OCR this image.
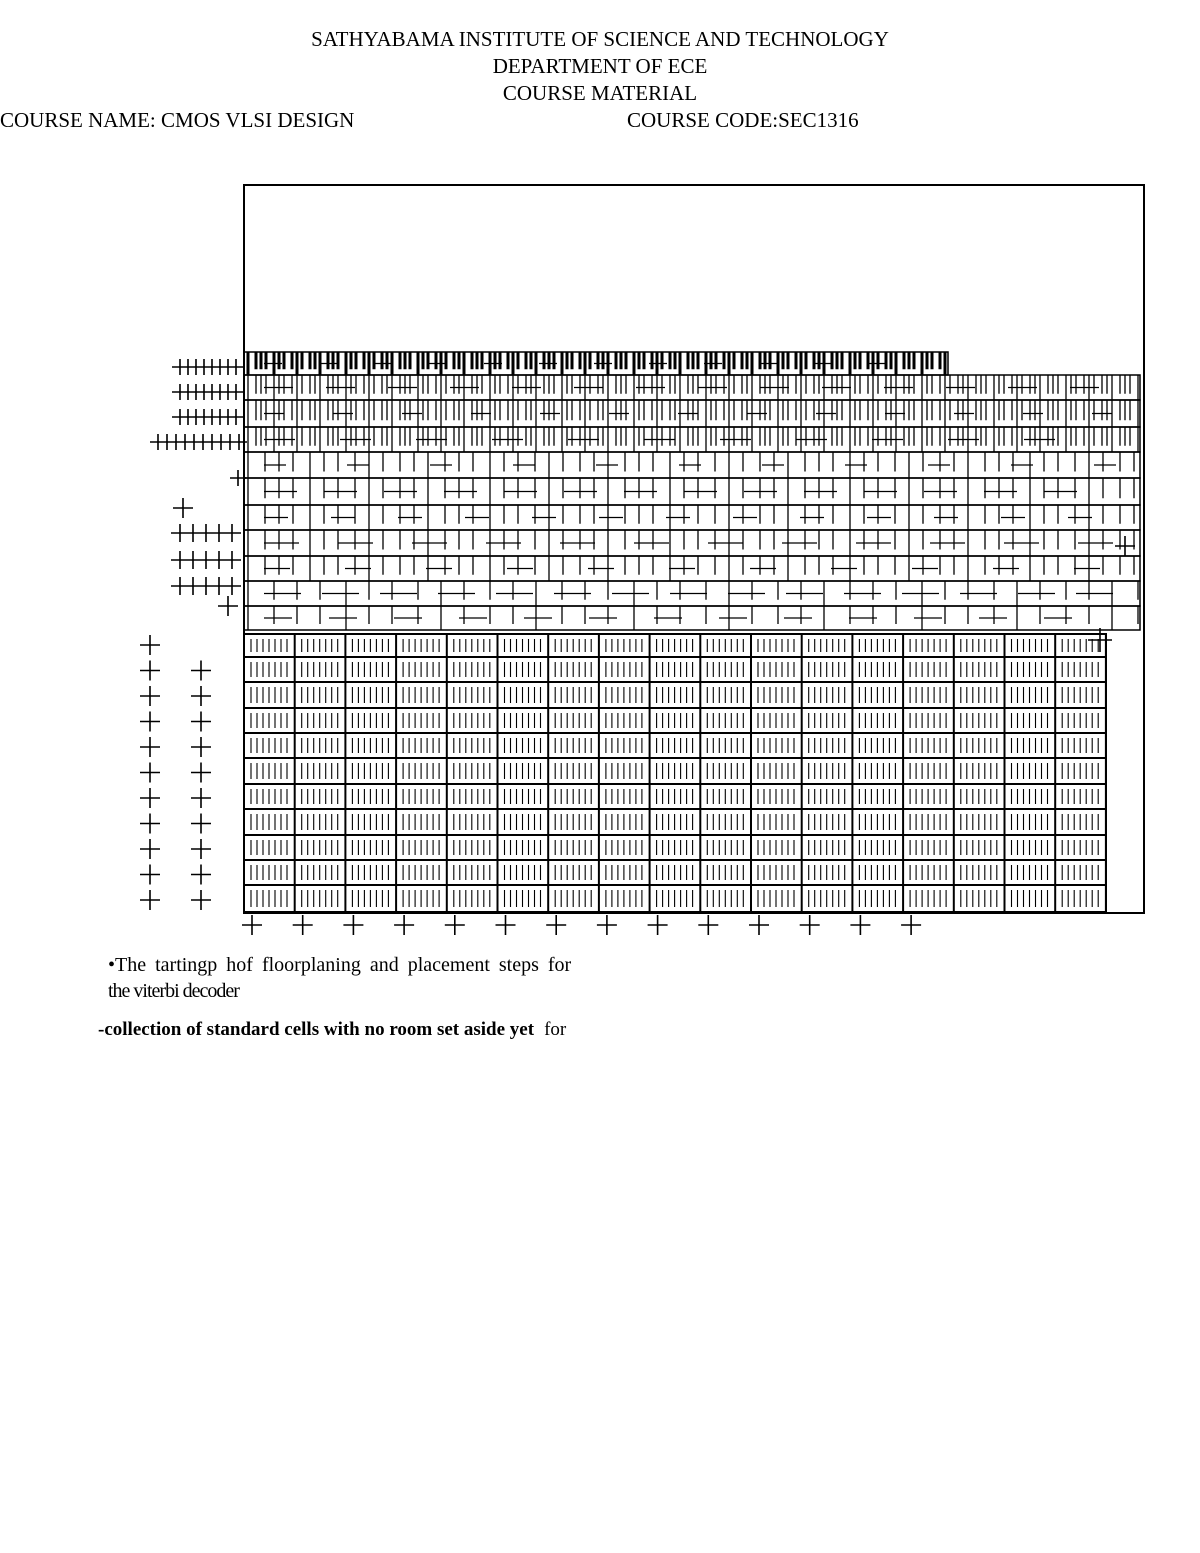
SATHYABAMA INSTITUTE OF SCIENCE AND TECHNOLOGY
DEPARTMENT OF ECE
COURSE MATERIAL
COURSE NAME: CMOS VLSI DESIGN	COURSE CODE:SEC1316
•The tartingp hof floorplaning and placement steps for
the viterbi decoder
-collection of standard cells with no room set aside yet for
